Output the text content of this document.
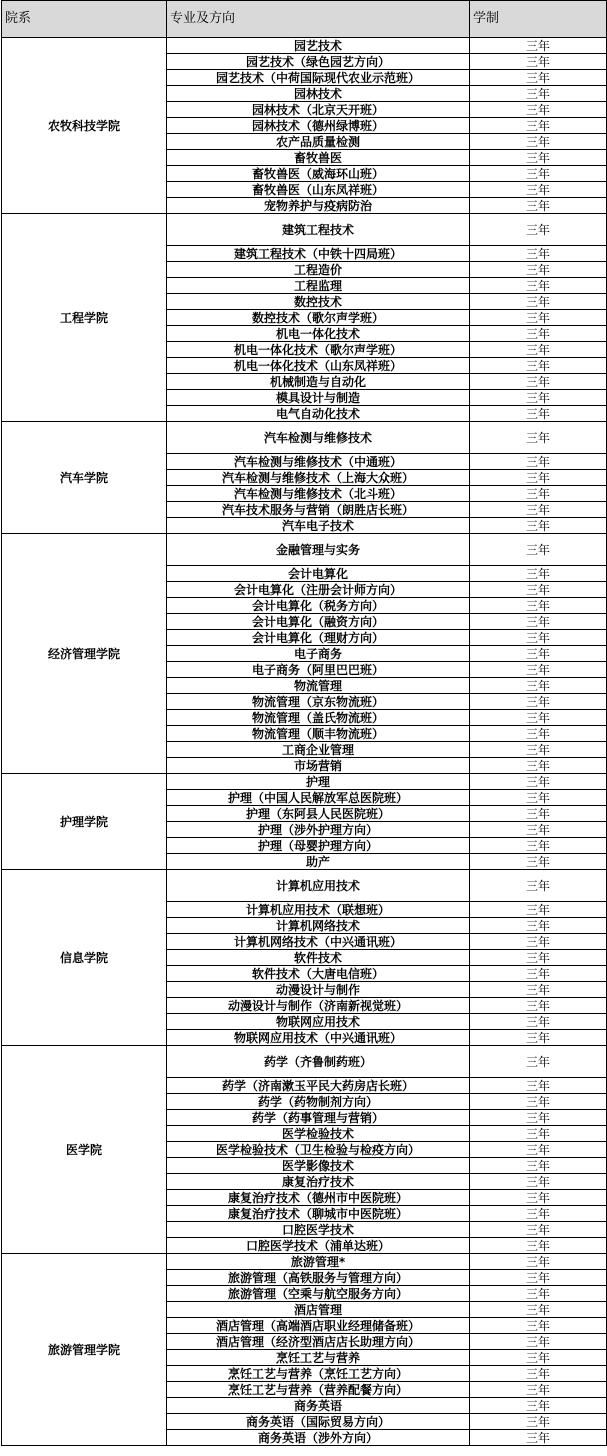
院系	专业及方向	学制
农牧科技学院	园艺技术	三年
	园艺技术（绿色园艺方向）	三年
	园艺技术（中荷国际现代农业示范班）	三年
	园林技术	三年
	园林技术（北京天开班）	三年
	园林技术（德州绿博班）	三年
	农产品质量检测	三年
	畜牧兽医	三年
	畜牧兽医（威海环山班）	三年
	畜牧兽医（山东凤祥班）	三年
	宠物养护与疫病防治	三年
工程学院	建筑工程技术	三年
	建筑工程技术（中铁十四局班）	三年
	工程造价	三年
	工程监理	三年
	数控技术	三年
	数控技术（歌尔声学班）	三年
	机电一体化技术	三年
	机电一体化技术（歌尔声学班）	三年
	机电一体化技术（山东凤祥班）	三年
	机械制造与自动化	三年
	模具设计与制造	三年
	电气自动化技术	三年
汽车学院	汽车检测与维修技术	三年
	汽车检测与维修技术（中通班）	三年
	汽车检测与维修技术（上海大众班）	三年
	汽车检测与维修技术（北斗班）	三年
	汽车技术服务与营销（朗胜店长班）	三年
	汽车电子技术	三年
经济管理学院	金融管理与实务	三年
	会计电算化	三年
	会计电算化（注册会计师方向）	三年
	会计电算化（税务方向）	三年
	会计电算化（融资方向）	三年
	会计电算化（理财方向）	三年
	电子商务	三年
	电子商务（阿里巴巴班）	三年
	物流管理	三年
	物流管理（京东物流班）	三年
	物流管理（盖氏物流班）	三年
	物流管理（顺丰物流班）	三年
	工商企业管理	三年
	市场营销	三年
护理学院	护理	三年
	护理（中国人民解放军总医院班）	三年
	护理（东阿县人民医院班）	三年
	护理（涉外护理方向）	三年
	护理（母婴护理方向）	三年
	助产	三年
信息学院	计算机应用技术	三年
	计算机应用技术（联想班）	三年
	计算机网络技术	三年
	计算机网络技术（中兴通讯班）	三年
	软件技术	三年
	软件技术（大唐电信班）	三年
	动漫设计与制作	三年
	动漫设计与制作（济南新视觉班）	三年
	物联网应用技术	三年
	物联网应用技术（中兴通讯班）	三年
医学院	药学（齐鲁制药班）	三年
	药学（济南漱玉平民大药房店长班）	三年
	药学（药物制剂方向）	三年
	药学（药事管理与营销）	三年
	医学检验技术	三年
	医学检验技术（卫生检验与检疫方向）	三年
	医学影像技术	三年
	康复治疗技术	三年
	康复治疗技术（德州市中医院班）	三年
	康复治疗技术（聊城市中医院班）	三年
	口腔医学技术	三年
	口腔医学技术（浦单达班）	三年
旅游管理学院	旅游管理*	三年
	旅游管理（高铁服务与管理方向）	三年
	旅游管理（空乘与航空服务方向）	三年
	酒店管理	三年
	酒店管理（高端酒店职业经理储备班）	三年
	酒店管理（经济型酒店店长助理方向）	三年
	烹饪工艺与营养	三年
	烹饪工艺与营养（烹饪工艺方向）	三年
	烹饪工艺与营养（营养配餐方向）	三年
	商务英语	三年
	商务英语（国际贸易方向）	三年
	商务英语（涉外方向）	三年
